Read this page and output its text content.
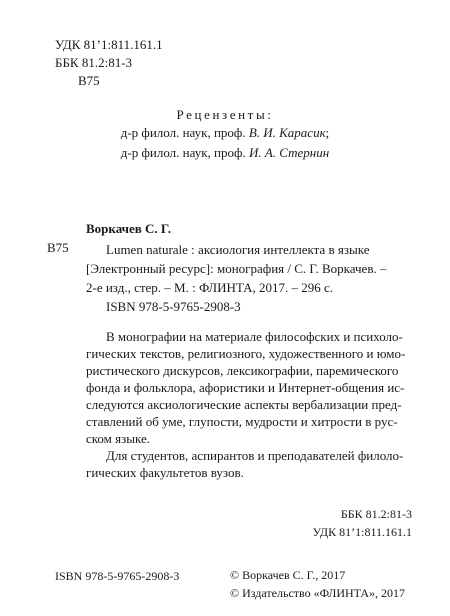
УДК 81’1:811.161.1
ББК 81.2:81-3
В75
Рецензенты:
д-р филол. наук, проф. В. И. Карасик;
д-р филол. наук, проф. И. А. Стернин
Воркачев С. Г.
В75	Lumen naturale : аксиология интеллекта в языке
[Электронный ресурс]: монография / С. Г. Воркачев. –
2-е изд., стер. – М. : ФЛИНТА, 2017. – 296 с.
ISBN 978-5-9765-2908-3

В монографии на материале философских и психоло-
гических текстов, религиозного, художественного и юмо-
ристического дискурсов, лексикографии, паремического
фонда и фольклора, афористики и Интернет-общения ис-
следуются аксиологические аспекты вербализации пред-
ставлений об уме, глупости, мудрости и хитрости в рус-
ском языке.

Для студентов, аспирантов и преподавателей филоло-
гических факультетов вузов.

ББК 81.2:81-3
УДК 81’1:811.161.1
ISBN 978-5-9765-2908-3	© Воркачев С. Г., 2017
© Издательство «ФЛИНТА», 2017
